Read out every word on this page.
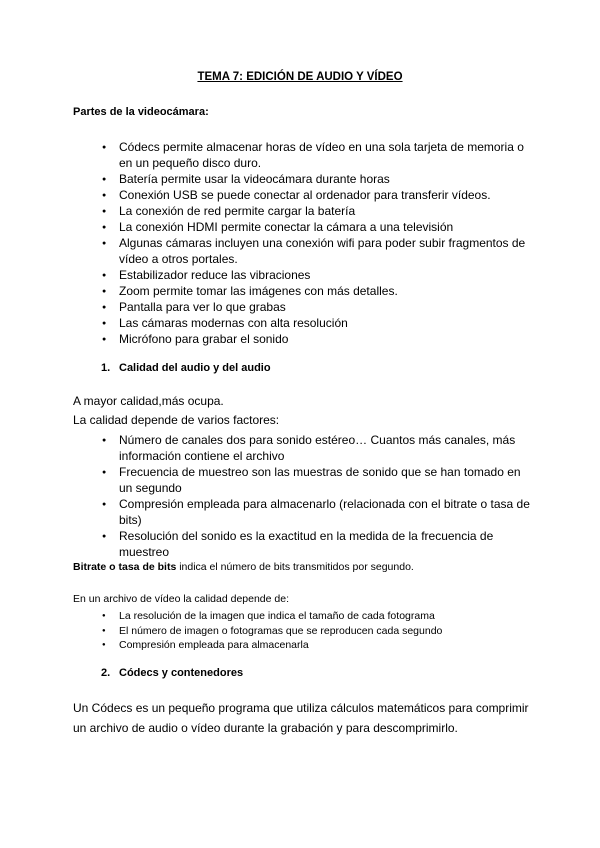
TEMA 7: EDICIÓN DE AUDIO Y VÍDEO
Partes de la videocámara:
● Códecs permite almacenar horas de vídeo en una sola tarjeta de memoria o en un pequeño disco duro.
● Batería permite usar la videocámara durante horas
● Conexión USB se puede conectar al ordenador para transferir vídeos.
● La conexión de red permite cargar la batería
● La conexión HDMI permite conectar la cámara a una televisión
● Algunas cámaras incluyen una conexión wifi para poder subir fragmentos de vídeo a otros portales.
● Estabilizador reduce las vibraciones
● Zoom permite tomar las imágenes con más detalles.
● Pantalla para ver lo que grabas
● Las cámaras modernas con alta resolución
● Micrófono para grabar el sonido
1. Calidad del audio y del audio
A mayor calidad,más ocupa.
La calidad depende de varios factores:
● Número de canales dos para sonido estéreo… Cuantos más canales, más información contiene el archivo
● Frecuencia de muestreo son las muestras de sonido que se han tomado en un segundo
● Compresión empleada para almacenarlo (relacionada con el bitrate o tasa de bits)
● Resolución del sonido es la exactitud en la medida de la frecuencia de muestreo
Bitrate o tasa de bits indica el número de bits transmitidos por segundo.
En un archivo de vídeo la calidad depende de:
● La resolución de la imagen que indica el tamaño de cada fotograma
● El número de imagen o fotogramas que se reproducen cada segundo
● Compresión empleada para almacenarla
2. Códecs y contenedores
Un Códecs es un pequeño programa que utiliza cálculos matemáticos para comprimir un archivo de audio o vídeo durante la grabación y para descomprimirlo.
